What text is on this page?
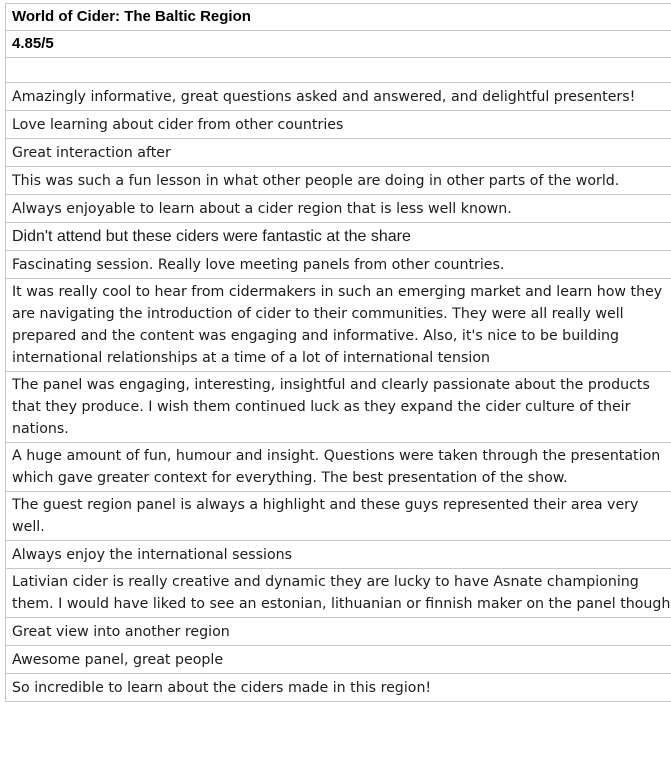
World of Cider: The Baltic Region
4.85/5

Amazingly informative, great questions asked and answered, and delightful presenters!
Love learning about cider from other countries
Great interaction after
This was such a fun lesson in what other people are doing in other parts of the world.
Always enjoyable to learn about a cider region that is less well known.
Didn't attend but these ciders were fantastic at the share
Fascinating session. Really love meeting panels from other countries.
It was really cool to hear from cidermakers in such an emerging market and learn how they are navigating the introduction of cider to their communities. They were all really well prepared and the content was engaging and informative. Also, it's nice to be building international relationships at a time of a lot of international tension
The panel was engaging, interesting, insightful and clearly passionate about the products that they produce. I wish them continued luck as they expand the cider culture of their nations.
A huge amount of fun, humour and insight. Questions were taken through the presentation which gave greater context for everything. The best presentation of the show.
The guest region panel is always a highlight and these guys represented their area very well.
Always enjoy the international sessions
Lativian cider is really creative and dynamic they are lucky to have Asnate championing them. I would have liked to see an estonian, lithuanian or finnish maker on the panel though
Great view into another region
Awesome panel, great people
So incredible to learn about the ciders made in this region!
